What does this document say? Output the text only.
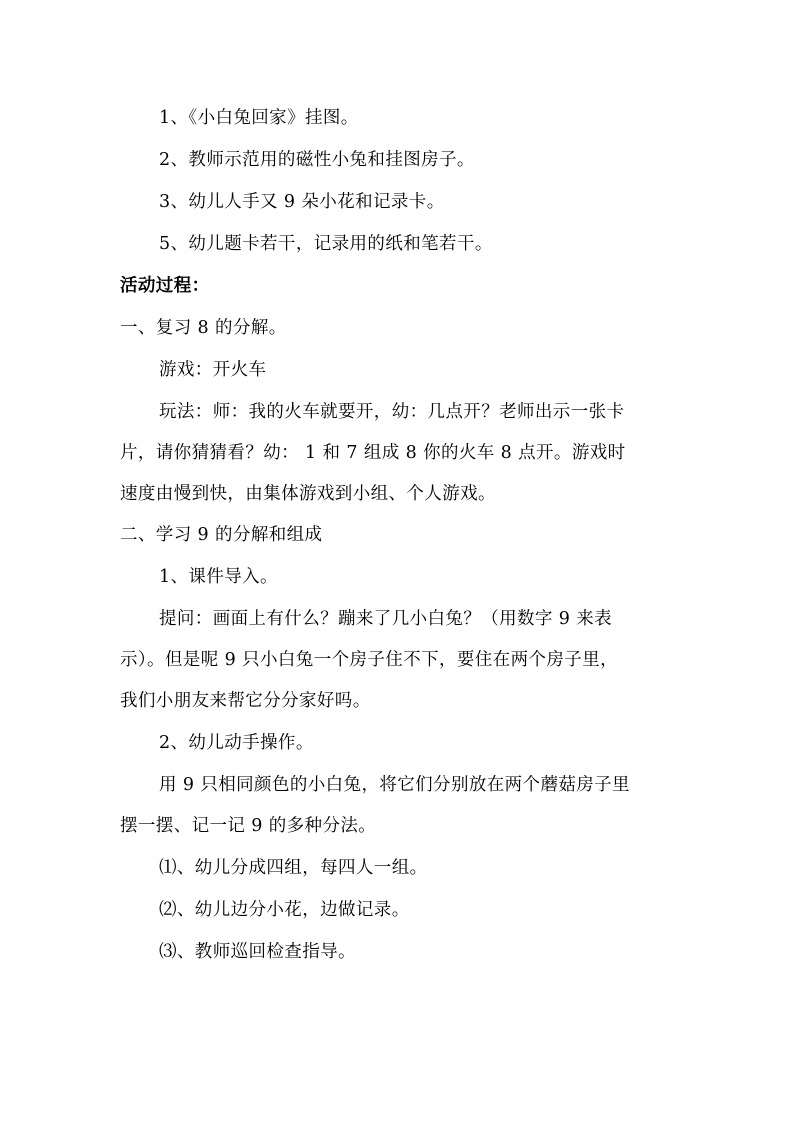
1、《小白兔回家》挂图。
2、教师示范用的磁性小兔和挂图房子。
3、幼儿人手又 9 朵小花和记录卡。
5、幼儿题卡若干，记录用的纸和笔若干。
活动过程：
一、复习 8 的分解。
游戏：开火车
玩法：师：我的火车就要开，幼：几点开？老师出示一张卡
片，请你猜猜看？幼： 1 和 7 组成 8 你的火车 8 点开。游戏时
速度由慢到快，由集体游戏到小组、个人游戏。
二、学习 9 的分解和组成
1、课件导入。
提问：画面上有什么？蹦来了几小白兔？（用数字 9 来表
示）。但是呢 9 只小白兔一个房子住不下，要住在两个房子里，
我们小朋友来帮它分分家好吗。
2、幼儿动手操作。
用 9 只相同颜色的小白兔，将它们分别放在两个蘑菇房子里
摆一摆、记一记 9 的多种分法。
⑴、幼儿分成四组，每四人一组。
⑵、幼儿边分小花，边做记录。
⑶、教师巡回检查指导。
